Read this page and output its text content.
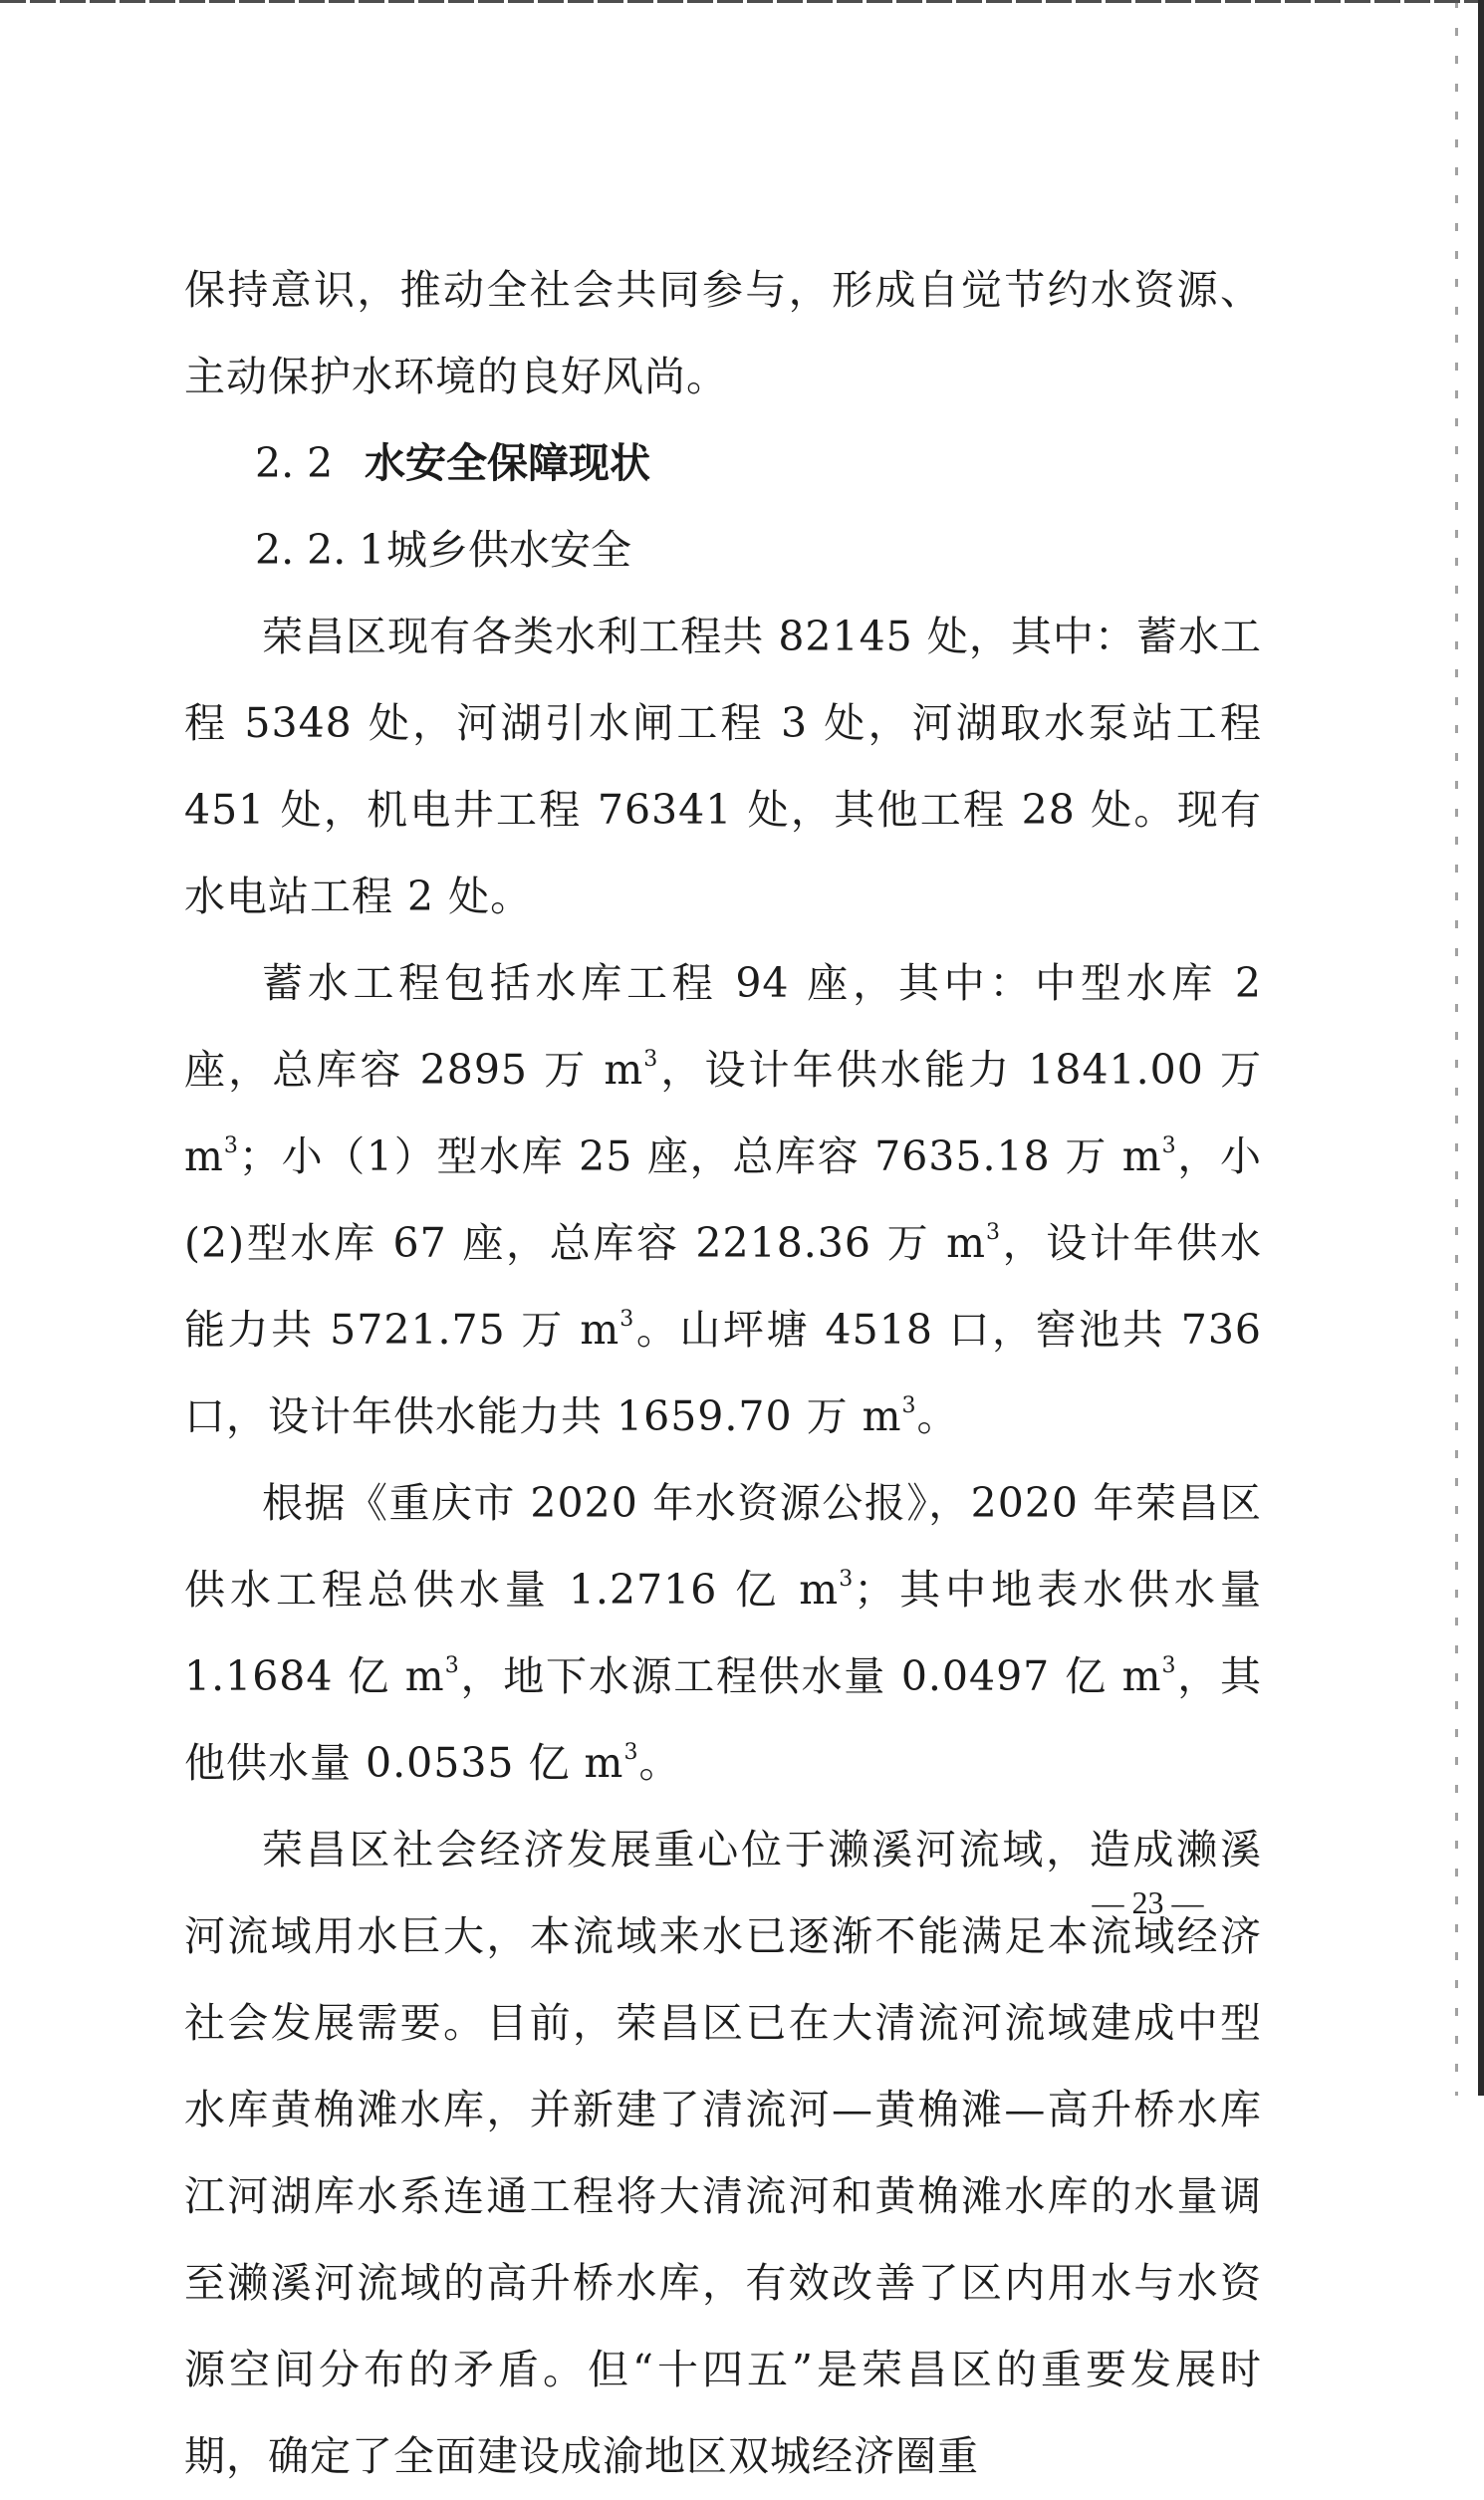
保持意识，推动全社会共同参与，形成自觉节约水资源、主动保护水环境的良好风尚。

2. 2 水安全保障现状

2. 2. 1城乡供水安全

荣昌区现有各类水利工程共 82145 处，其中：蓄水工程 5348 处，河湖引水闸工程 3 处，河湖取水泵站工程 451 处，机电井工程 76341 处，其他工程 28 处。现有水电站工程 2 处。

蓄水工程包括水库工程 94 座，其中：中型水库 2 座，总库容 2895 万 $m^3$，设计年供水能力 1841.00 万 $m^3$；小（1）型水库 25 座，总库容 7635.18 万 $m^3$，小(2)型水库 67 座，总库容 2218.36 万 $m^3$，设计年供水能力共 5721.75 万 $m^3$。山坪塘 4518 口，窖池共 736 口，设计年供水能力共 1659.70 万 $m^3$。

根据《重庆市 2020 年水资源公报》，2020 年荣昌区供水工程总供水量 1.2716 亿 $m^3$；其中地表水供水量 1.1684 亿 $m^3$，地下水源工程供水量 0.0497 亿 $m^3$，其他供水量 0.0535 亿 $m^3$。

荣昌区社会经济发展重心位于濑溪河流域，造成濑溪河流域用水巨大，本流域来水已逐渐不能满足本流域经济社会发展需要。目前，荣昌区已在大清流河流域建成中型水库黄桷滩水库，并新建了清流河—黄桷滩—高升桥水库江河湖库水系连通工程将大清流河和黄桷滩水库的水量调至濑溪河流域的高升桥水库，有效改善了区内用水与水资源空间分布的矛盾。但“十四五”是荣昌区的重要发展时期，确定了全面建设成渝地区双城经济圈重

— 23 —
